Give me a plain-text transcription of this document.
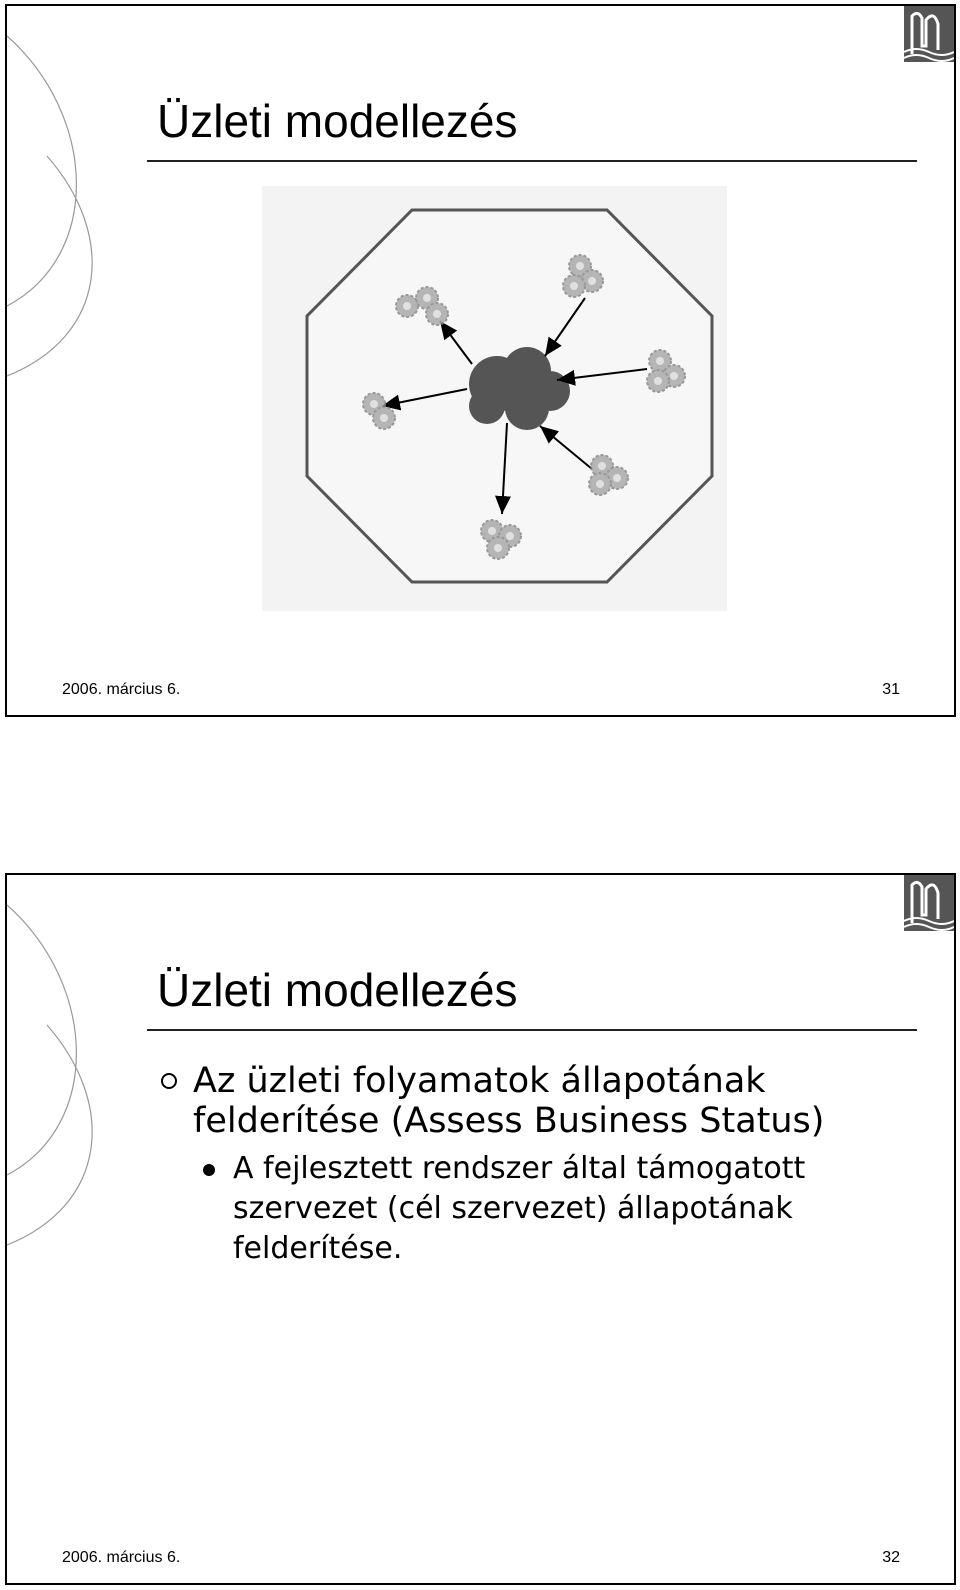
Üzleti modellezés
2006. március 6.	31
Üzleti modellezés
Az üzleti folyamatok állapotának felderítése (Assess Business Status)
A fejlesztett rendszer által támogatott szervezet (cél szervezet) állapotának felderítése.
2006. március 6.	32
